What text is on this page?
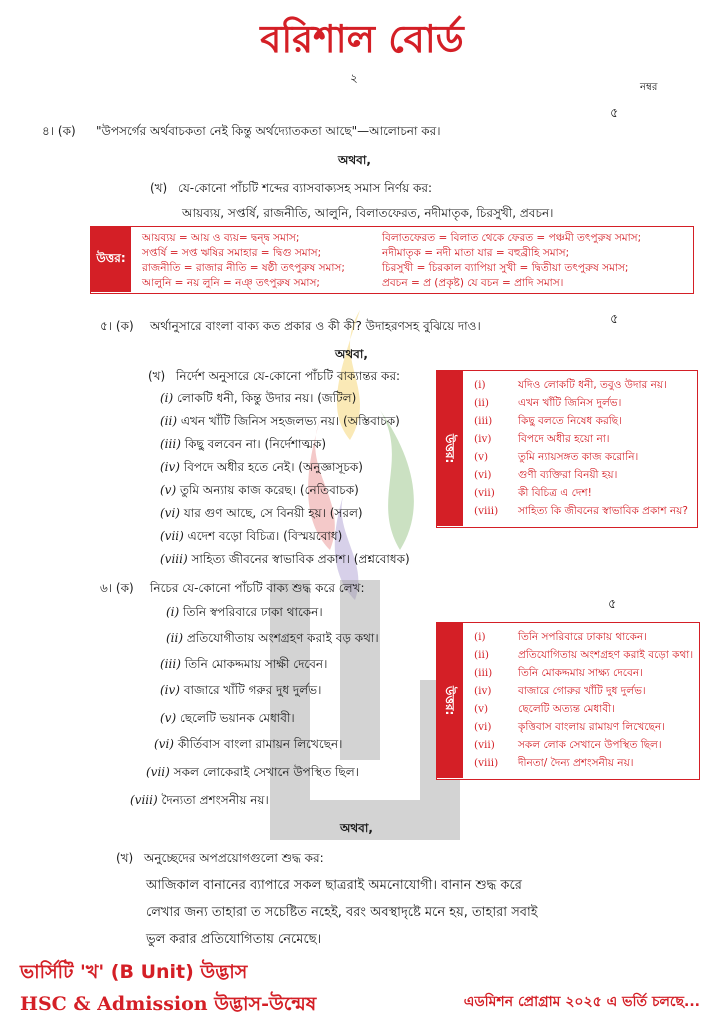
বরিশাল বোর্ড
২
নম্বর
৫
৪। (ক) "উপসর্গের অর্থবাচকতা নেই কিন্তু অর্থদ্যোতকতা আছে"—আলোচনা কর।
অথবা,
(খ) যে-কোনো পাঁচটি শব্দের ব্যাসবাক্যসহ সমাস নির্ণয় কর:
আয়ব্যয়, সপ্তর্ষি, রাজনীতি, আলুনি, বিলাতফেরত, নদীমাতৃক, চিরসুখী, প্রবচন।
উত্তর:
আয়ব্যয় = আয় ও ব্যয়= দ্বন্দ্ব সমাস;
সপ্তর্ষি = সপ্ত ঋষির সমাহার = দ্বিগু সমাস;
রাজনীতি = রাজার নীতি = ষষ্ঠী তৎপুরুষ সমাস;
আলুনি = নয় লুনি = নঞ্‌ তৎপুরুষ সমাস;
বিলাতফেরত = বিলাত থেকে ফেরত = পঞ্চমী তৎপুরুষ সমাস;
নদীমাতৃক = নদী মাতা যার = বহুব্রীহি সমাস;
চিরসুখী = চিরকাল ব্যাপিয়া সুখী = দ্বিতীয়া তৎপুরুষ সমাস;
প্রবচন = প্র (প্রকৃষ্ট) যে বচন = প্রাদি সমাস।
৫
৫। (ক) অর্থানুসারে বাংলা বাক্য কত প্রকার ও কী কী? উদাহরণসহ বুঝিয়ে দাও।
অথবা,
(খ) নির্দেশ অনুসারে যে-কোনো পাঁচটি বাক্যান্তর কর:
(i) লোকটি ধনী, কিন্তু উদার নয়। (জটিল)
(ii) এখন খাঁটি জিনিস সহজলভ্য নয়। (অস্তিবাচক)
(iii) কিছু বলবেন না। (নির্দেশাত্মক)
(iv) বিপদে অধীর হতে নেই। (অনুজ্ঞাসূচক)
(v) তুমি অন্যায় কাজ করেছ। (নেতিবাচক)
(vi) যার গুণ আছে, সে বিনয়ী হয়। (সরল)
(vii) এদেশ বড়ো বিচিত্র। (বিস্ময়বোধ)
(viii) সাহিত্য জীবনের স্বাভাবিক প্রকাশ। (প্রশ্নবোধক)
উত্তর:
(i)	যদিও লোকটি ধনী, তবুও উদার নয়।
(ii)	এখন খাঁটি জিনিস দুর্লভ।
(iii) কিছু বলতে নিষেধ করছি।
(iv)	বিপদে অধীর হয়ো না।
(v)	তুমি ন্যায়সঙ্গত কাজ করোনি।
(vi)	গুণী ব্যক্তিরা বিনয়ী হয়।
(vii) কী বিচিত্র এ দেশ!
(viii) সাহিত্য কি জীবনের স্বাভাবিক প্রকাশ নয়?
৬। (ক) নিচের যে-কোনো পাঁচটি বাক্য শুদ্ধ করে লেখ:
৫
(i) তিনি স্বপরিবারে ঢাকা থাকেন।
(ii) প্রতিযোগীতায় অংশগ্রহণ করাই বড় কথা।
(iii) তিনি মোকদ্দমায় সাক্ষী দেবেন।
(iv) বাজারে খাঁটি গরুর দুধ দুর্লভ।
(v) ছেলেটি ভয়ানক মেধাবী।
(vi) কীর্তিবাস বাংলা রামায়ন লিখেছেন।
(vii) সকল লোকেরাই সেখানে উপস্থিত ছিল।
(viii) দৈন্যতা প্রশংসনীয় নয়।
উত্তর:
(i)	তিনি সপরিবারে ঢাকায় থাকেন।
(ii)	প্রতিযোগিতায় অংশগ্রহণ করাই বড়ো কথা।
(iii) তিনি মোকদ্দমায় সাক্ষ্য দেবেন।
(iv)	বাজারে গোরুর খাঁটি দুধ দুর্লভ।
(v)	ছেলেটি অত্যন্ত মেধাবী।
(vi)	কৃত্তিবাস বাংলায় রামায়ণ লিখেছেন।
(vii) সকল লোক সেখানে উপস্থিত ছিল।
(viii) দীনতা/ দৈন্য প্রশংসনীয় নয়।
অথবা,
(খ) অনুচ্ছেদের অপপ্রয়োগগুলো শুদ্ধ কর:
আজিকাল বানানের ব্যাপারে সকল ছাত্ররাই অমনোযোগী। বানান শুদ্ধ করে
লেখার জন্য তাহারা ত সচেষ্টিত নহেই, বরং অবস্থাদৃষ্টে মনে হয়, তাহারা সবাই
ভুল করার প্রতিযোগিতায় নেমেছে।
ভার্সিটি 'খ' (B Unit) উদ্ভাস
HSC & Admission উদ্ভাস-উন্মেষ	এডমিশন প্রোগ্রাম ২০২৫ এ ভর্তি চলছে...
